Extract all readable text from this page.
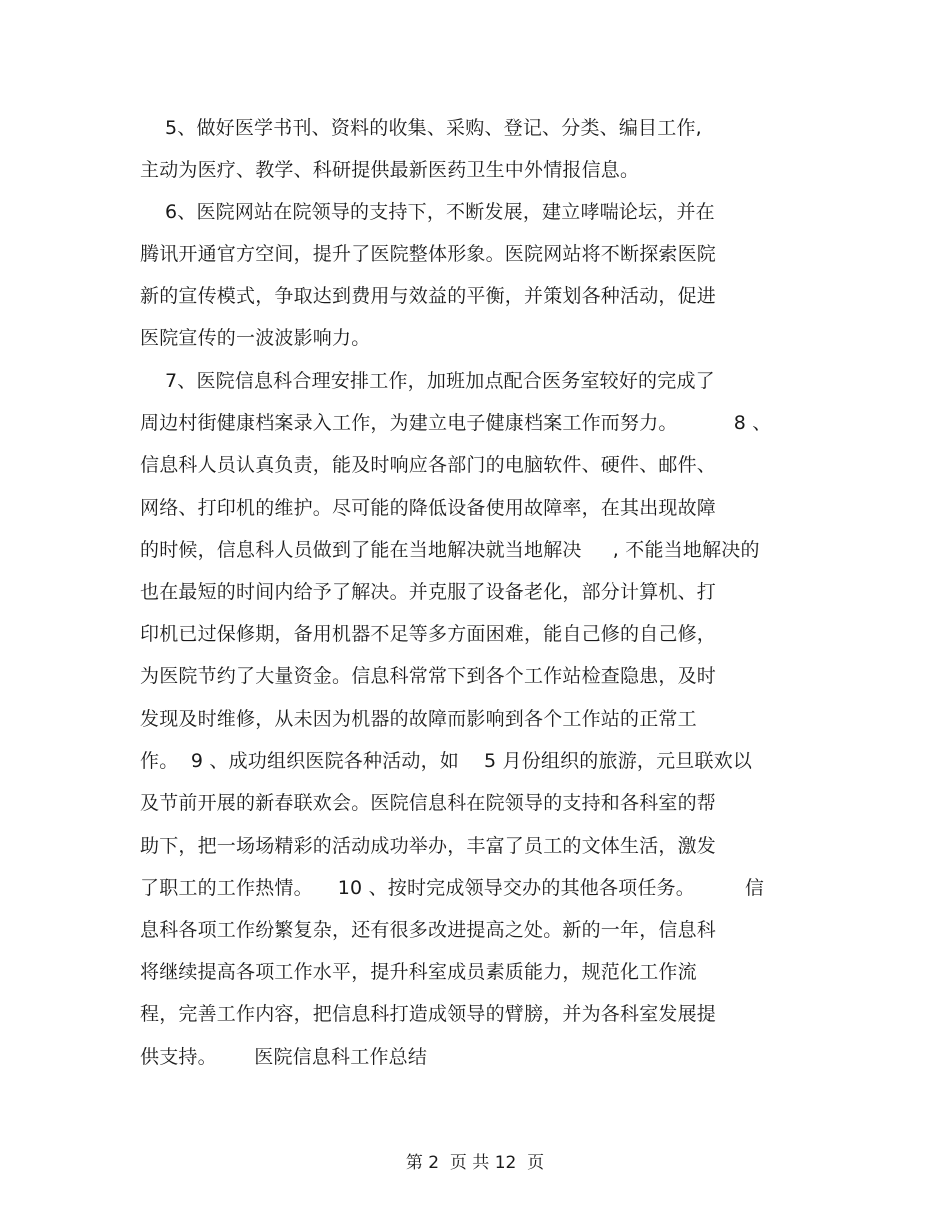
5、做好医学书刊、资料的收集、采购、登记、分类、编目工作,
主动为医疗、教学、科研提供最新医药卫生中外情报信息。
6、医院网站在院领导的支持下，不断发展，建立哮喘论坛，并在
腾讯开通官方空间，提升了医院整体形象。医院网站将不断探索医院
新的宣传模式，争取达到费用与效益的平衡，并策划各种活动，促进
医院宣传的一波波影响力。
7、医院信息科合理安排工作，加班加点配合医务室较好的完成了
周边村街健康档案录入工作，为建立电子健康档案工作而努力。         8 、
信息科人员认真负责，能及时响应各部门的电脑软件、硬件、邮件、
网络、打印机的维护。尽可能的降低设备使用故障率，在其出现故障
的时候，信息科人员做到了能在当地解决就当地解决     , 不能当地解决的
也在最短的时间内给予了解决。并克服了设备老化，部分计算机、打
印机已过保修期，备用机器不足等多方面困难，能自己修的自己修，
为医院节约了大量资金。信息科常常下到各个工作站检查隐患，及时
发现及时维修，从未因为机器的故障而影响到各个工作站的正常工
作。  9 、成功组织医院各种活动，如    5 月份组织的旅游，元旦联欢以
及节前开展的新春联欢会。医院信息科在院领导的支持和各科室的帮
助下，把一场场精彩的活动成功举办，丰富了员工的文体生活，激发
了职工的工作热情。    10 、按时完成领导交办的其他各项任务。        信
息科各项工作纷繁复杂，还有很多改进提高之处。新的一年，信息科
将继续提高各项工作水平，提升科室成员素质能力，规范化工作流
程，完善工作内容，把信息科打造成领导的臂膀，并为各科室发展提
供支持。      医院信息科工作总结
第 2  页 共 12  页
